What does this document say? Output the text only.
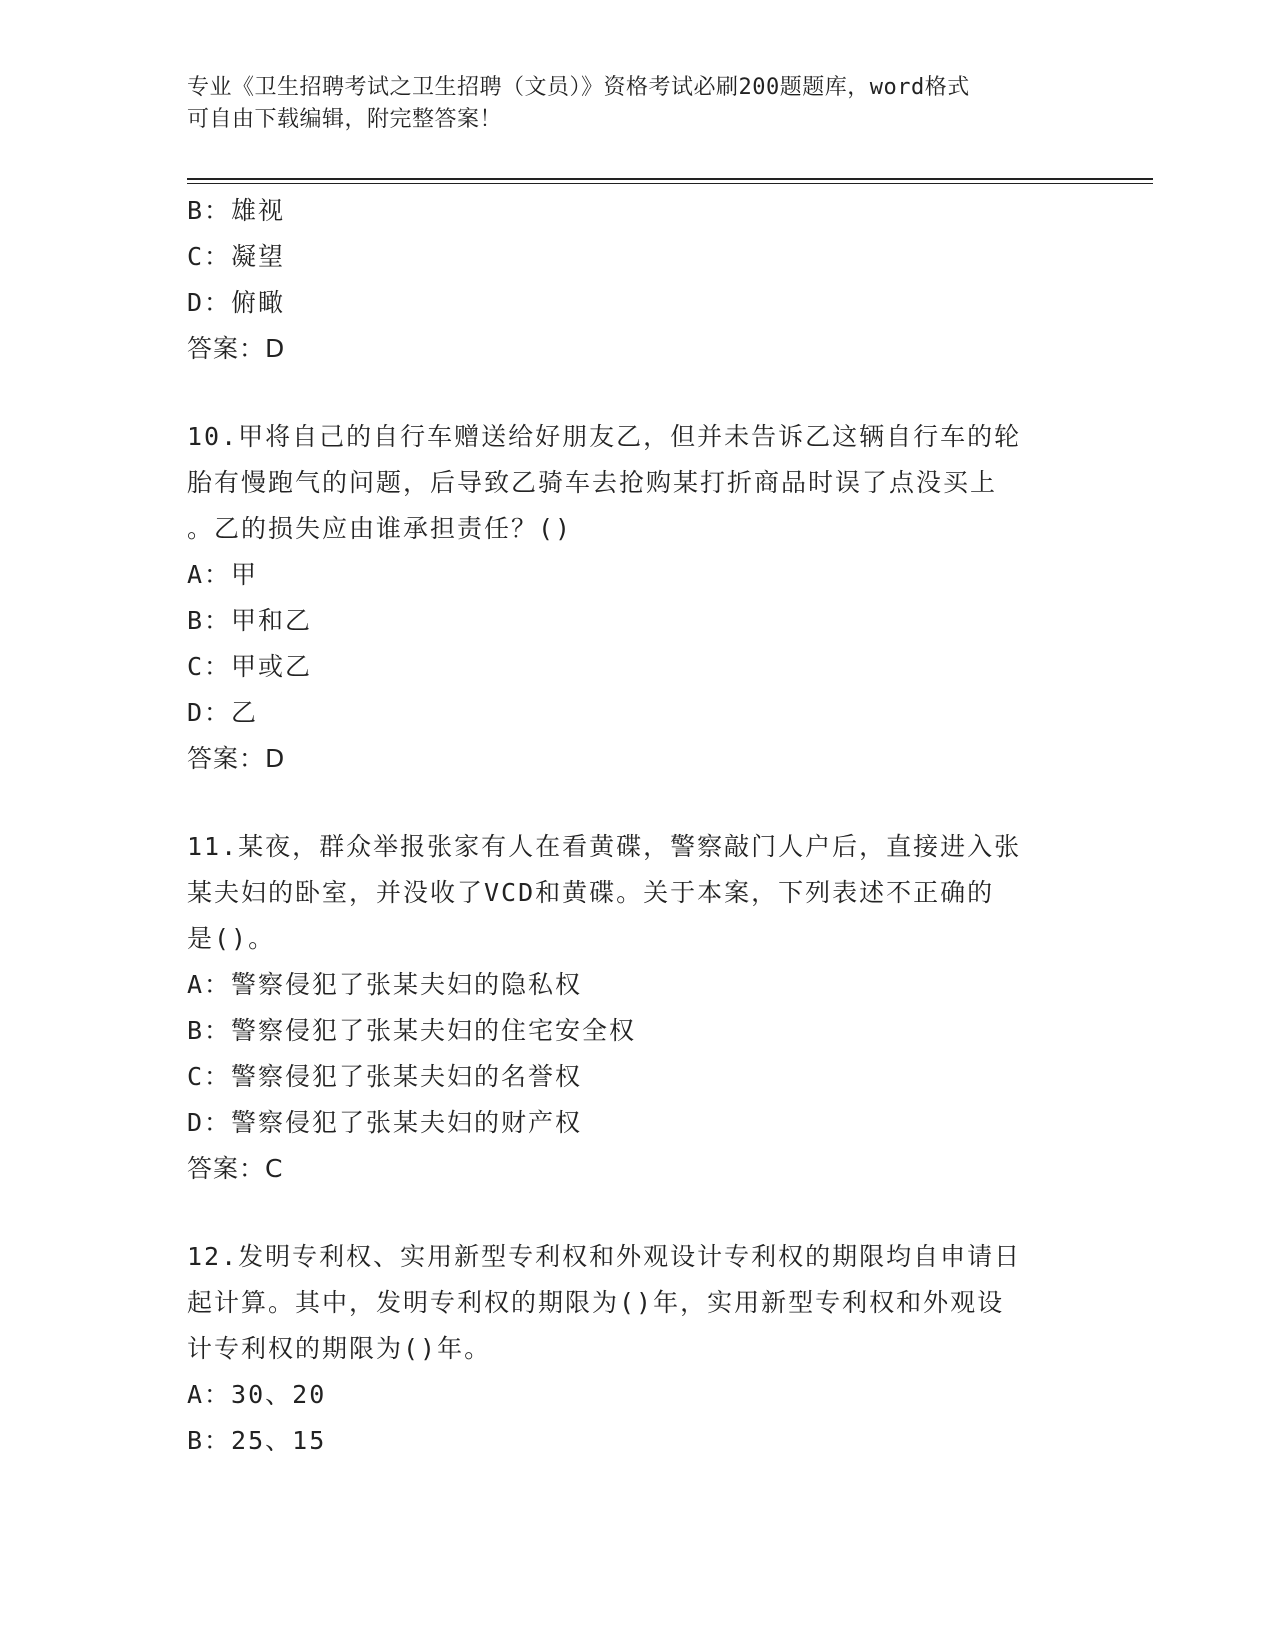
专业《卫生招聘考试之卫生招聘（文员）》资格考试必刷200题题库，word格式
可自由下载编辑，附完整答案！
B：雄视
C：凝望
D：俯瞰
答案：D
10.甲将自己的自行车赠送给好朋友乙，但并未告诉乙这辆自行车的轮
胎有慢跑气的问题，后导致乙骑车去抢购某打折商品时误了点没买上
。乙的损失应由谁承担责任？()
A：甲
B：甲和乙
C：甲或乙
D：乙
答案：D
11.某夜，群众举报张家有人在看黄碟，警察敲门人户后，直接进入张
某夫妇的卧室，并没收了VCD和黄碟。关于本案，下列表述不正确的
是()。
A：警察侵犯了张某夫妇的隐私权
B：警察侵犯了张某夫妇的住宅安全权
C：警察侵犯了张某夫妇的名誉权
D：警察侵犯了张某夫妇的财产权
答案：C
12.发明专利权、实用新型专利权和外观设计专利权的期限均自申请日
起计算。其中，发明专利权的期限为()年，实用新型专利权和外观设
计专利权的期限为()年。
A：30、20
B：25、15
